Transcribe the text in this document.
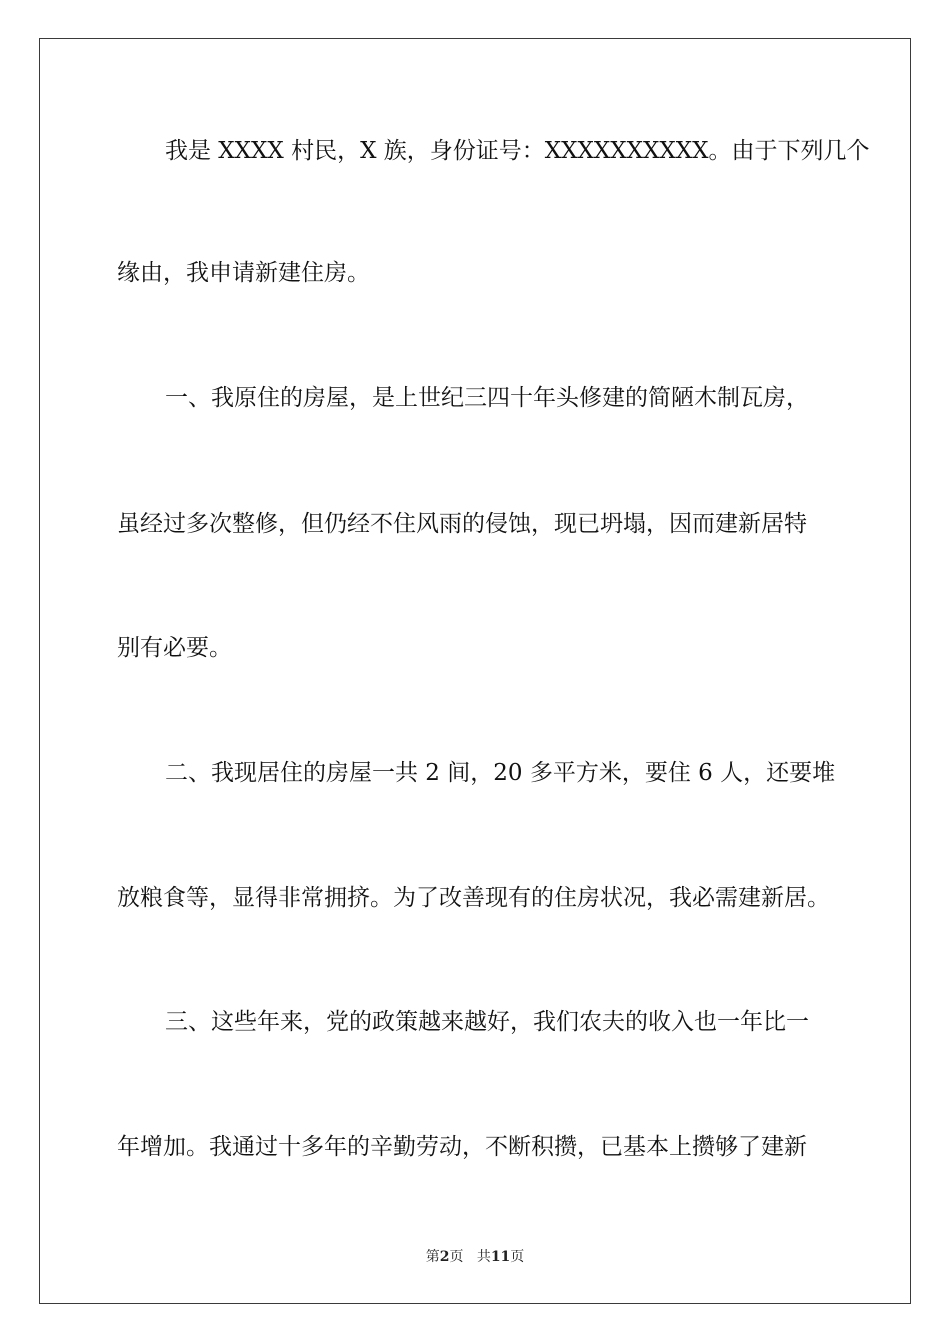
我是 XXXX 村民，X 族，身份证号：XXXXXXXXXX。由于下列几个
缘由，我申请新建住房。
一、我原住的房屋，是上世纪三四十年头修建的简陋木制瓦房，
虽经过多次整修，但仍经不住风雨的侵蚀，现已坍塌，因而建新居特
别有必要。
二、我现居住的房屋一共 2 间，20 多平方米，要住 6 人，还要堆
放粮食等，显得非常拥挤。为了改善现有的住房状况，我必需建新居。
三、这些年来，党的政策越来越好，我们农夫的收入也一年比一
年增加。我通过十多年的辛勤劳动，不断积攒，已基本上攒够了建新
第2页 共11页
